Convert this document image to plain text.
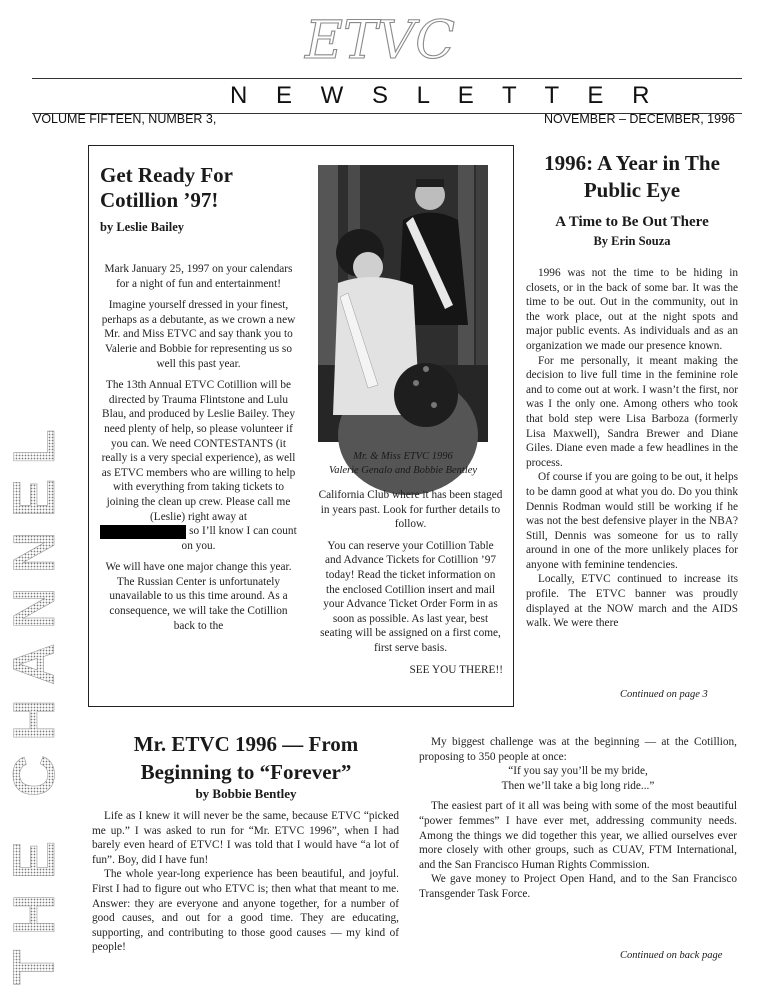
ETVC
N E W S L E T T E R
VOLUME FIFTEEN, NUMBER 3,	NOVEMBER – DECEMBER, 1996
THE CHANNEL
Get Ready For Cotillion ’97!
by Leslie Bailey

Mark January 25, 1997 on your calendars for a night of fun and entertainment!

Imagine yourself dressed in your finest, perhaps as a debutante, as we crown a new Mr. and Miss ETVC and say thank you to Valerie and Bobbie for representing us so well this past year.

The 13th Annual ETVC Cotillion will be directed by Trauma Flintstone and Lulu Blau, and produced by Leslie Bailey. They need plenty of help, so please volunteer if you can. We need CONTESTANTS (it really is a very special experience), as well as ETVC members who are willing to help with everything from taking tickets to joining the clean up crew. Please call me (Leslie) right away at
so I’ll know I can count on you.

We will have one major change this year. The Russian Center is unfortunately unavailable to us this time around. As a consequence, we will take the Cotillion back to the

Mr. & Miss ETVC 1996
Valerie Genalo and Bobbie Bentley

California Club where it has been staged in years past. Look for further details to follow.

You can reserve your Cotillion Table and Advance Tickets for Cotillion ’97 today! Read the ticket information on the enclosed Cotillion insert and mail your Advance Ticket Order Form in as soon as possible. As last year, best seating will be assigned on a first come, first serve basis.

SEE YOU THERE!!

1996: A Year in The Public Eye
A Time to Be Out There
By Erin Souza

1996 was not the time to be hiding in closets, or in the back of some bar. It was the time to be out. Out in the community, out in the work place, out at the night spots and major public events. As individuals and as an organization we made our presence known.

For me personally, it meant making the decision to live full time in the feminine role and to come out at work. I wasn’t the first, nor was I the only one. Among others who took that bold step were Lisa Barboza (formerly Lisa Maxwell), Sandra Brewer and Diane Giles. Diane even made a few headlines in the process.

Of course if you are going to be out, it helps to be damn good at what you do. Do you think Dennis Rodman would still be working if he was not the best defensive player in the NBA? Still, Dennis was someone for us to rally around in one of the more unlikely places for anyone with feminine tendencies.

Locally, ETVC continued to increase its profile. The ETVC banner was proudly displayed at the NOW march and the AIDS walk. We were there

Continued on page 3
Mr. ETVC 1996 — From Beginning to “Forever”
by Bobbie Bentley

Life as I knew it will never be the same, because ETVC “picked me up.” I was asked to run for “Mr. ETVC 1996”, when I had barely even heard of ETVC! I was told that I would have “a lot of fun”. Boy, did I have fun!

The whole year-long experience has been beautiful, and joyful. First I had to figure out who ETVC is; then what that meant to me. Answer: they are everyone and anyone together, for a number of good causes, and out for a good time. They are educating, supporting, and contributing to those good causes — my kind of people!

My biggest challenge was at the beginning — at the Cotillion, proposing to 350 people at once:

“If you say you’ll be my bride,

Then we’ll take a big long ride...”

The easiest part of it all was being with some of the most beautiful “power femmes” I have ever met, addressing community needs. Among the things we did together this year, we allied ourselves ever more closely with other groups, such as CUAV, FTM International, and the San Francisco Human Rights Commission.

We gave money to Project Open Hand, and to the San Francisco Transgender Task Force.

Continued on back page
